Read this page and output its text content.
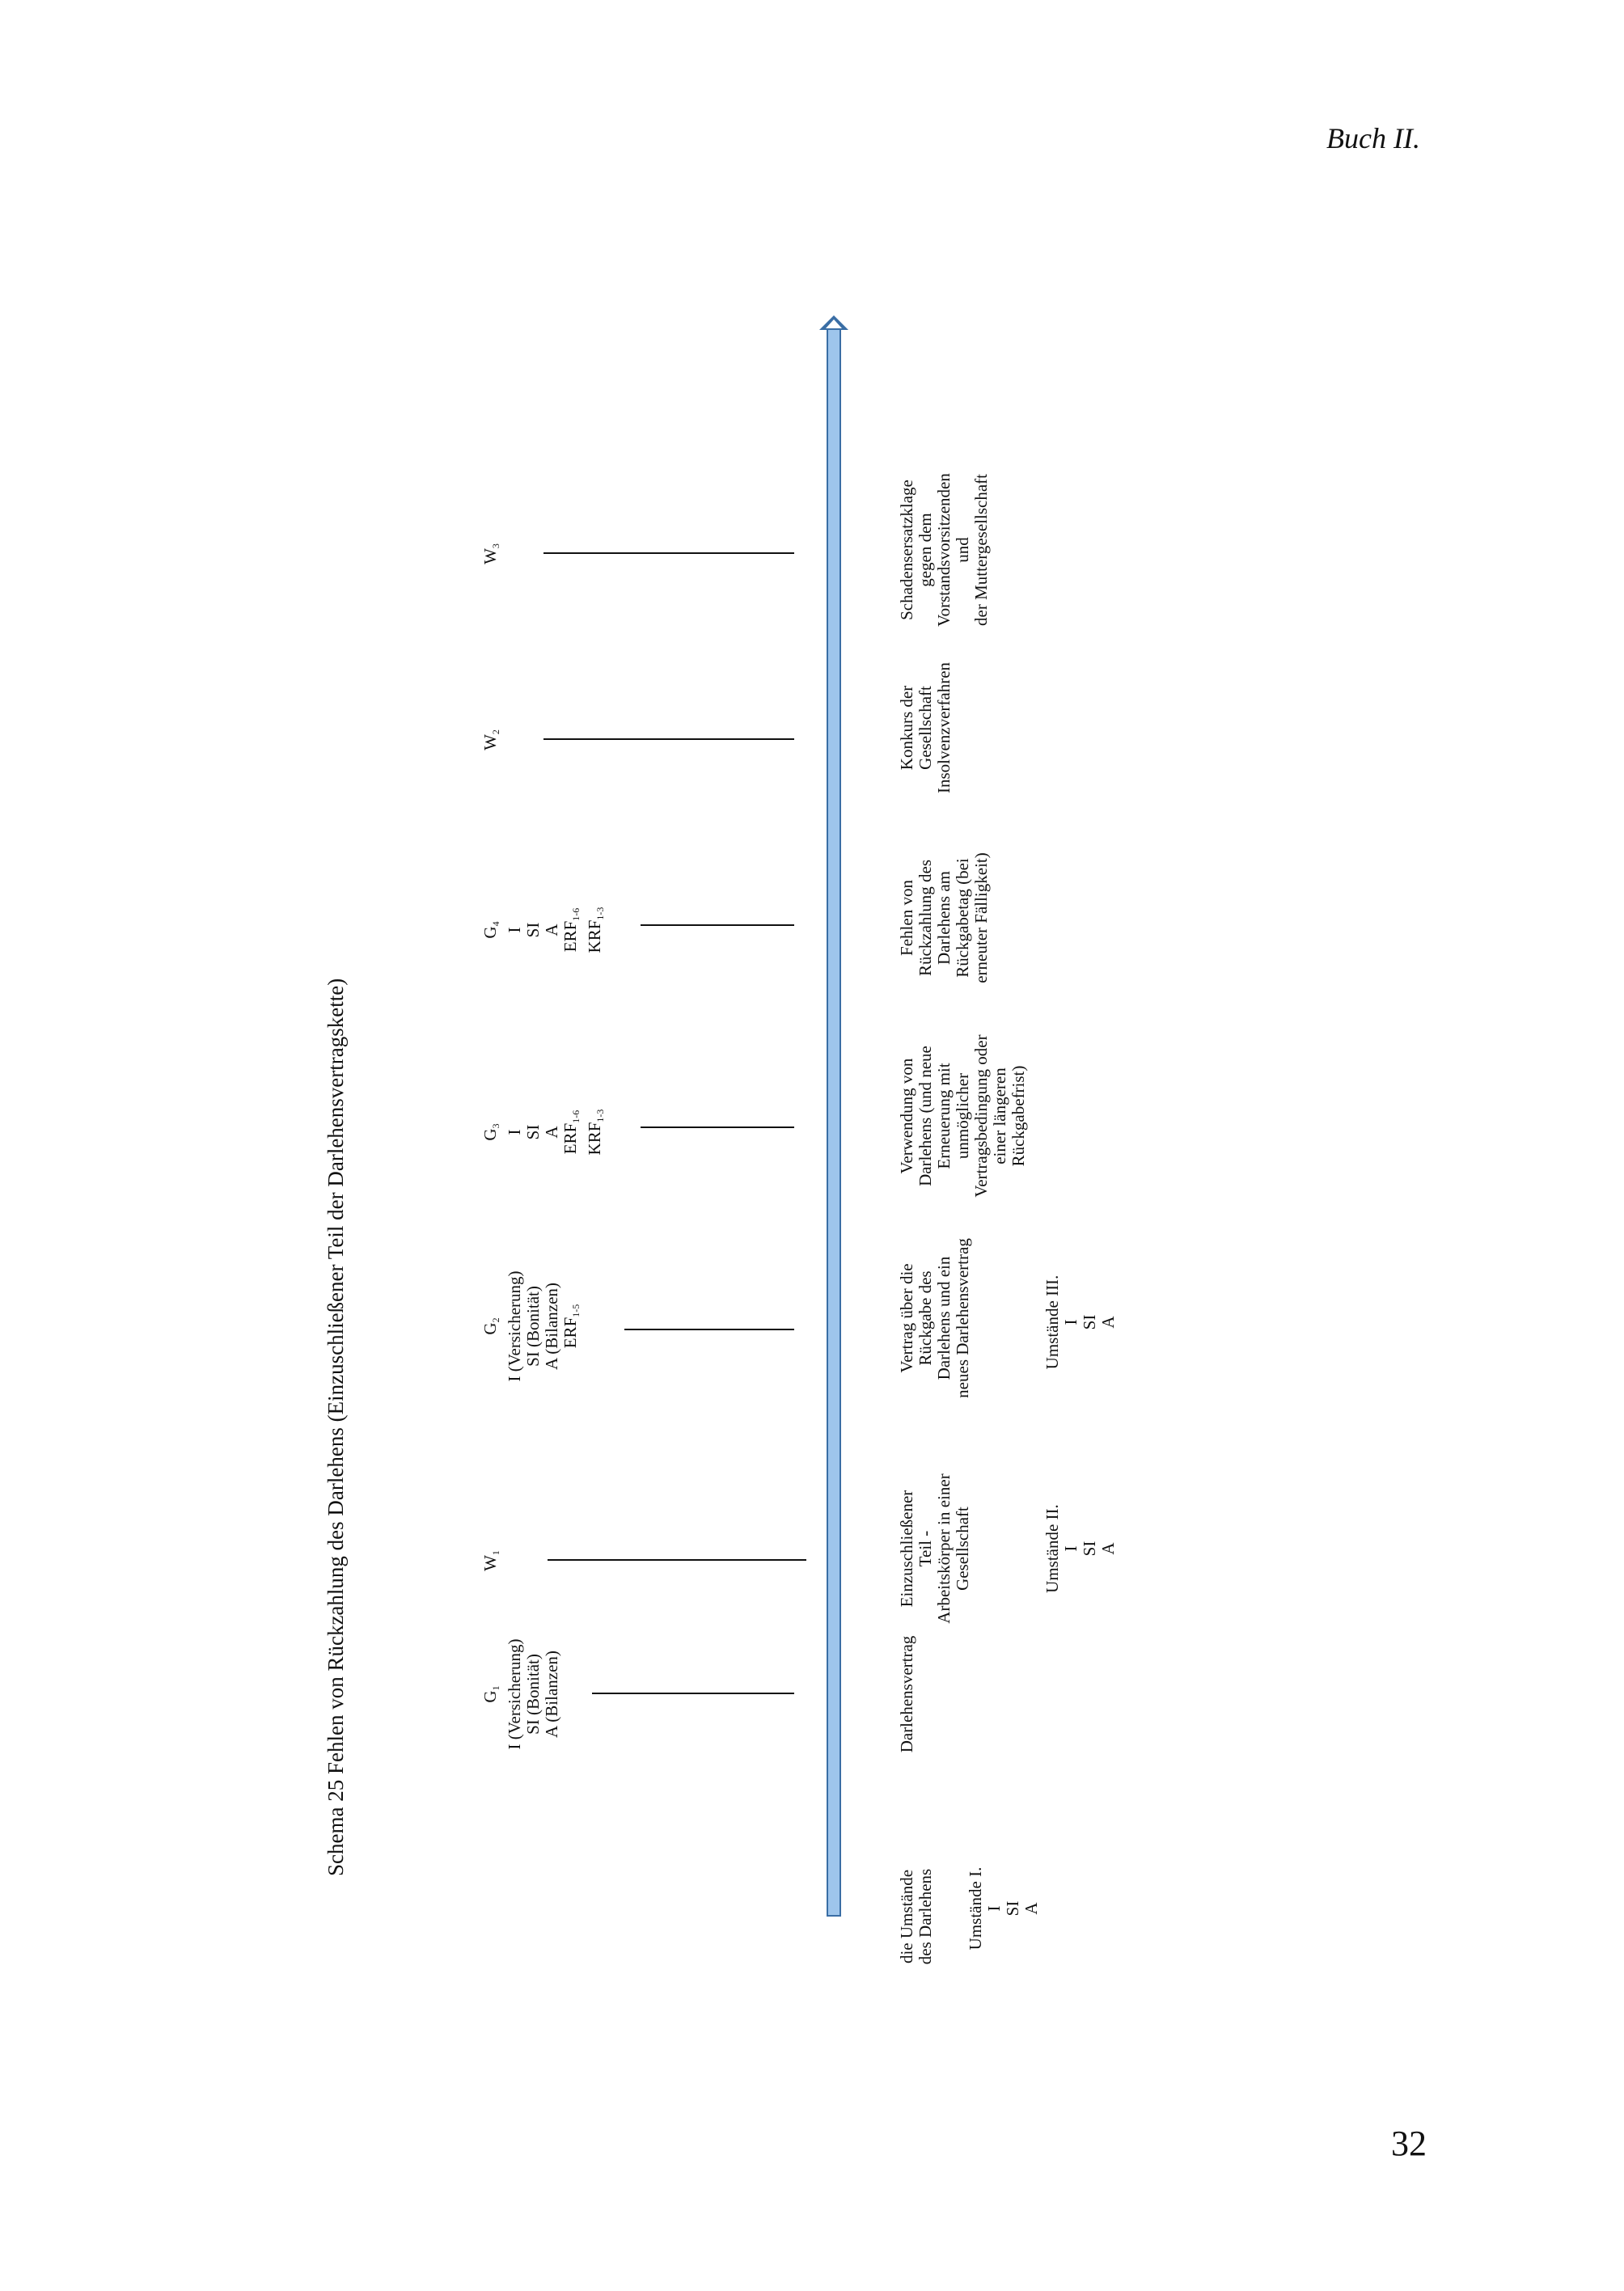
Buch II.
Schema 25 Fehlen von Rückzahlung des Darlehens (Einzuschließener Teil der Darlehensvertragskette)
die Umstände des Darlehens Umstände I. I SI A
$G_1$ I (Versicherung) SI (Bonität) A (Bilanzen)	Darlehensvertrag
$W_1$	Einzuschließener Teil - Arbeitskörper in einer Gesellschaft	Umstände II. I SI A
$G_2$ I (Versicherung) SI (Bonität) A (Bilanzen) $ERF_{1-5}$	Vertrag über die Rückgabe des Darlehens und ein neues Darlehensvertrag	Umstände III. I SI A
$G_3$
I SI A $ERF_{1-6}$
$KRF_{1-3}$	Verwendung von Darlehens (und neue Erneuerung mit unmöglicher Vertragsbedingung oder einer längeren Rückgabefrist)
$G_4$
I SI A $ERF_{1-6}$
$KRF_{1-3}$	Fehlen von Rückzahlung des Darlehens am Rückgabetag (bei erneuter Fälligkeit)
$W_2$	Konkurs der Gesellschaft Insolvenzverfahren
$W_3$	Schadensersatzklage gegen dem Vorstandsvorsitzenden und der Muttergesellschaft
32
